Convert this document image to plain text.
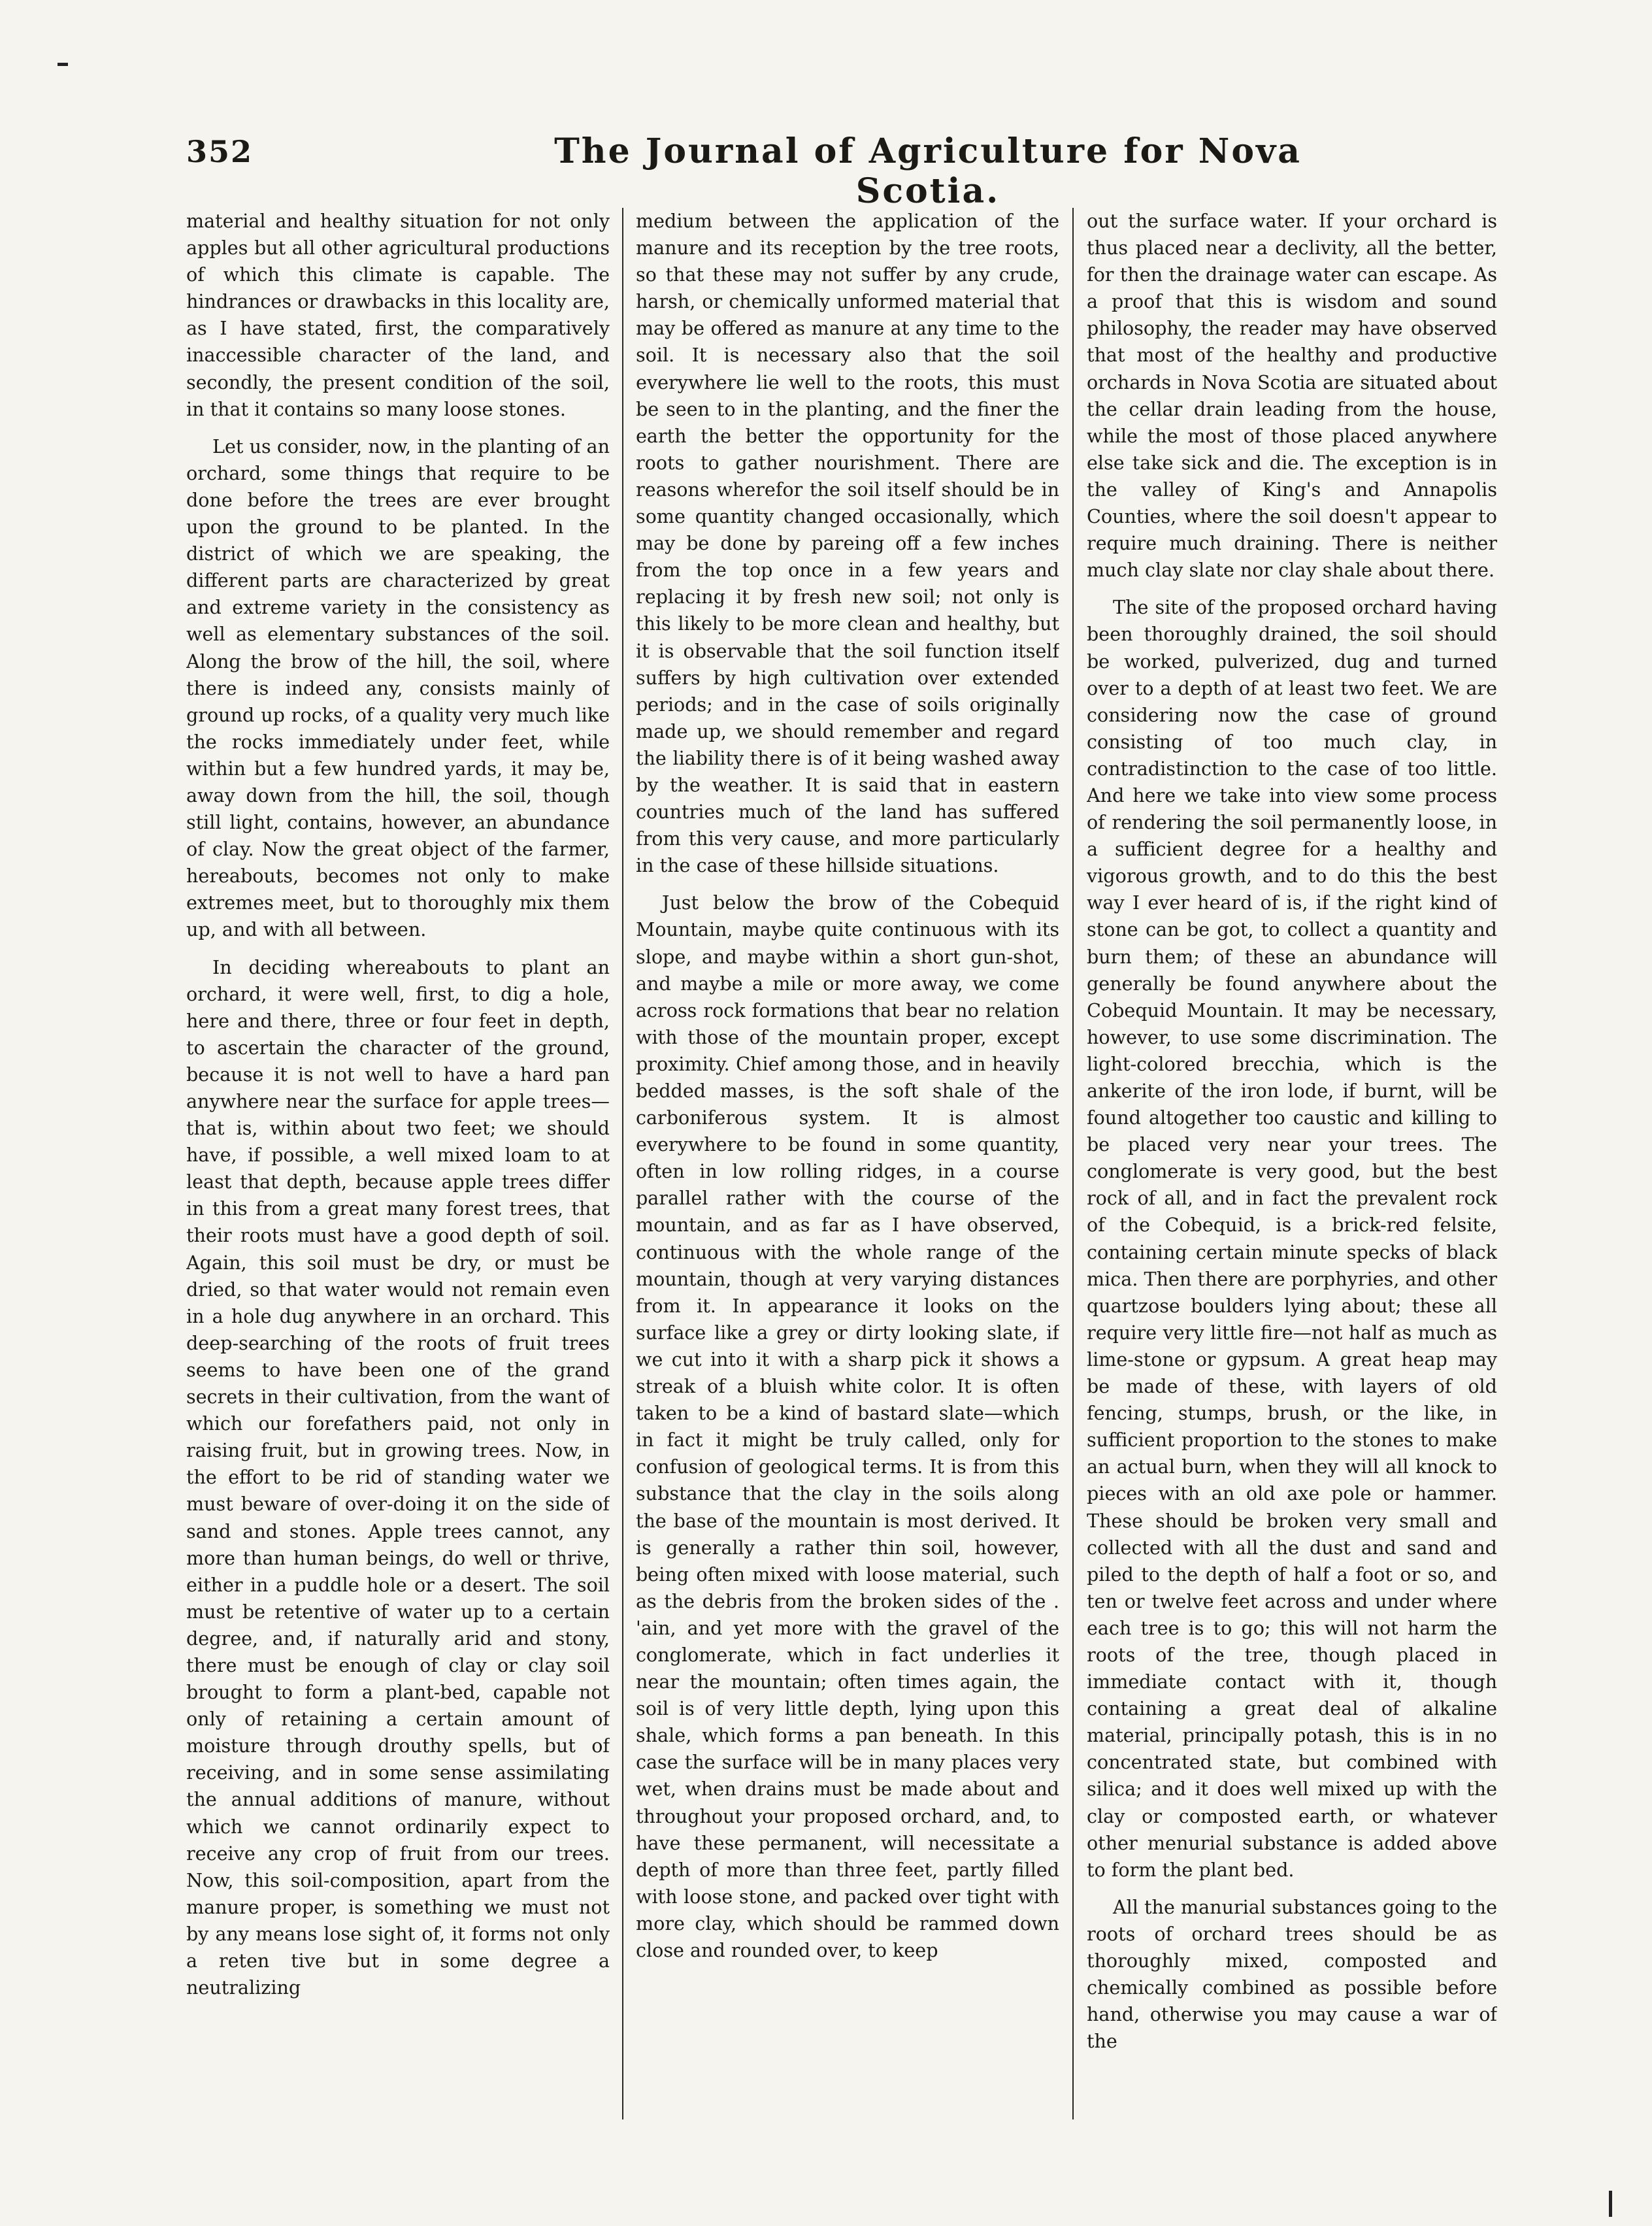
352	The Journal of Agriculture for Nova Scotia.

material and healthy situation for not only apples but all other agricultural productions of which this climate is capable. The hindrances or drawbacks in this locality are, as I have stated, first, the comparatively inaccessible character of the land, and secondly, the present condition of the soil, in that it contains so many loose stones.

Let us consider, now, in the planting of an orchard, some things that require to be done before the trees are ever brought upon the ground to be planted. In the district of which we are speaking, the different parts are characterized by great and extreme variety in the consistency as well as elementary substances of the soil. Along the brow of the hill, the soil, where there is indeed any, consists mainly of ground up rocks, of a quality very much like the rocks immediately under feet, while within but a few hundred yards, it may be, away down from the hill, the soil, though still light, contains, however, an abundance of clay. Now the great object of the farmer, hereabouts, becomes not only to make extremes meet, but to thoroughly mix them up, and with all between.

In deciding whereabouts to plant an orchard, it were well, first, to dig a hole, here and there, three or four feet in depth, to ascertain the character of the ground, because it is not well to have a hard pan anywhere near the surface for apple trees—that is, within about two feet; we should have, if possible, a well mixed loam to at least that depth, because apple trees differ in this from a great many forest trees, that their roots must have a good depth of soil. Again, this soil must be dry, or must be dried, so that water would not remain even in a hole dug anywhere in an orchard. This deep-searching of the roots of fruit trees seems to have been one of the grand secrets in their cultivation, from the want of which our forefathers paid, not only in raising fruit, but in growing trees. Now, in the effort to be rid of standing water we must beware of over-doing it on the side of sand and stones. Apple trees cannot, any more than human beings, do well or thrive, either in a puddle hole or a desert. The soil must be retentive of water up to a certain degree, and, if naturally arid and stony, there must be enough of clay or clay soil brought to form a plant-bed, capable not only of retaining a certain amount of moisture through drouthy spells, but of receiving, and in some sense assimilating the annual additions of manure, without which we cannot ordinarily expect to receive any crop of fruit from our trees. Now, this soil-composition, apart from the manure proper, is something we must not by any means lose sight of, it forms not only a reten tive but in some degree a neutralizing

medium between the application of the manure and its reception by the tree roots, so that these may not suffer by any crude, harsh, or chemically unformed material that may be offered as manure at any time to the soil. It is necessary also that the soil everywhere lie well to the roots, this must be seen to in the planting, and the finer the earth the better the opportunity for the roots to gather nourishment. There are reasons wherefor the soil itself should be in some quantity changed occasionally, which may be done by pareing off a few inches from the top once in a few years and replacing it by fresh new soil; not only is this likely to be more clean and healthy, but it is observable that the soil function itself suffers by high cultivation over extended periods; and in the case of soils originally made up, we should remember and regard the liability there is of it being washed away by the weather. It is said that in eastern countries much of the land has suffered from this very cause, and more particularly in the case of these hillside situations.

Just below the brow of the Cobequid Mountain, maybe quite continuous with its slope, and maybe within a short gun-shot, and maybe a mile or more away, we come across rock formations that bear no relation with those of the mountain proper, except proximity. Chief among those, and in heavily bedded masses, is the soft shale of the carboniferous system. It is almost everywhere to be found in some quantity, often in low rolling ridges, in a course parallel rather with the course of the mountain, and as far as I have observed, continuous with the whole range of the mountain, though at very varying distances from it. In appearance it looks on the surface like a grey or dirty looking slate, if we cut into it with a sharp pick it shows a streak of a bluish white color. It is often taken to be a kind of bastard slate—which in fact it might be truly called, only for confusion of geological terms. It is from this substance that the clay in the soils along the base of the mountain is most derived. It is generally a rather thin soil, however, being often mixed with loose material, such as the debris from the broken sides of the . 'ain, and yet more with the gravel of the conglomerate, which in fact underlies it near the mountain; often times again, the soil is of very little depth, lying upon this shale, which forms a pan beneath. In this case the surface will be in many places very wet, when drains must be made about and throughout your proposed orchard, and, to have these permanent, will necessitate a depth of more than three feet, partly filled with loose stone, and packed over tight with more clay, which should be rammed down close and rounded over, to keep

out the surface water. If your orchard is thus placed near a declivity, all the better, for then the drainage water can escape. As a proof that this is wisdom and sound philosophy, the reader may have observed that most of the healthy and productive orchards in Nova Scotia are situated about the cellar drain leading from the house, while the most of those placed anywhere else take sick and die. The exception is in the valley of King's and Annapolis Counties, where the soil doesn't appear to require much draining. There is neither much clay slate nor clay shale about there.

The site of the proposed orchard having been thoroughly drained, the soil should be worked, pulverized, dug and turned over to a depth of at least two feet. We are considering now the case of ground consisting of too much clay, in contradistinction to the case of too little. And here we take into view some process of rendering the soil permanently loose, in a sufficient degree for a healthy and vigorous growth, and to do this the best way I ever heard of is, if the right kind of stone can be got, to collect a quantity and burn them; of these an abundance will generally be found anywhere about the Cobequid Mountain. It may be necessary, however, to use some discrimination. The light-colored brecchia, which is the ankerite of the iron lode, if burnt, will be found altogether too caustic and killing to be placed very near your trees. The conglomerate is very good, but the best rock of all, and in fact the prevalent rock of the Cobequid, is a brick-red felsite, containing certain minute specks of black mica. Then there are porphyries, and other quartzose boulders lying about; these all require very little fire—not half as much as lime-stone or gypsum. A great heap may be made of these, with layers of old fencing, stumps, brush, or the like, in sufficient proportion to the stones to make an actual burn, when they will all knock to pieces with an old axe pole or hammer. These should be broken very small and collected with all the dust and sand and piled to the depth of half a foot or so, and ten or twelve feet across and under where each tree is to go; this will not harm the roots of the tree, though placed in immediate contact with it, though containing a great deal of alkaline material, principally potash, this is in no concentrated state, but combined with silica; and it does well mixed up with the clay or composted earth, or whatever other menurial substance is added above to form the plant bed.

All the manurial substances going to the roots of orchard trees should be as thoroughly mixed, composted and chemically combined as possible before hand, otherwise you may cause a war of the
